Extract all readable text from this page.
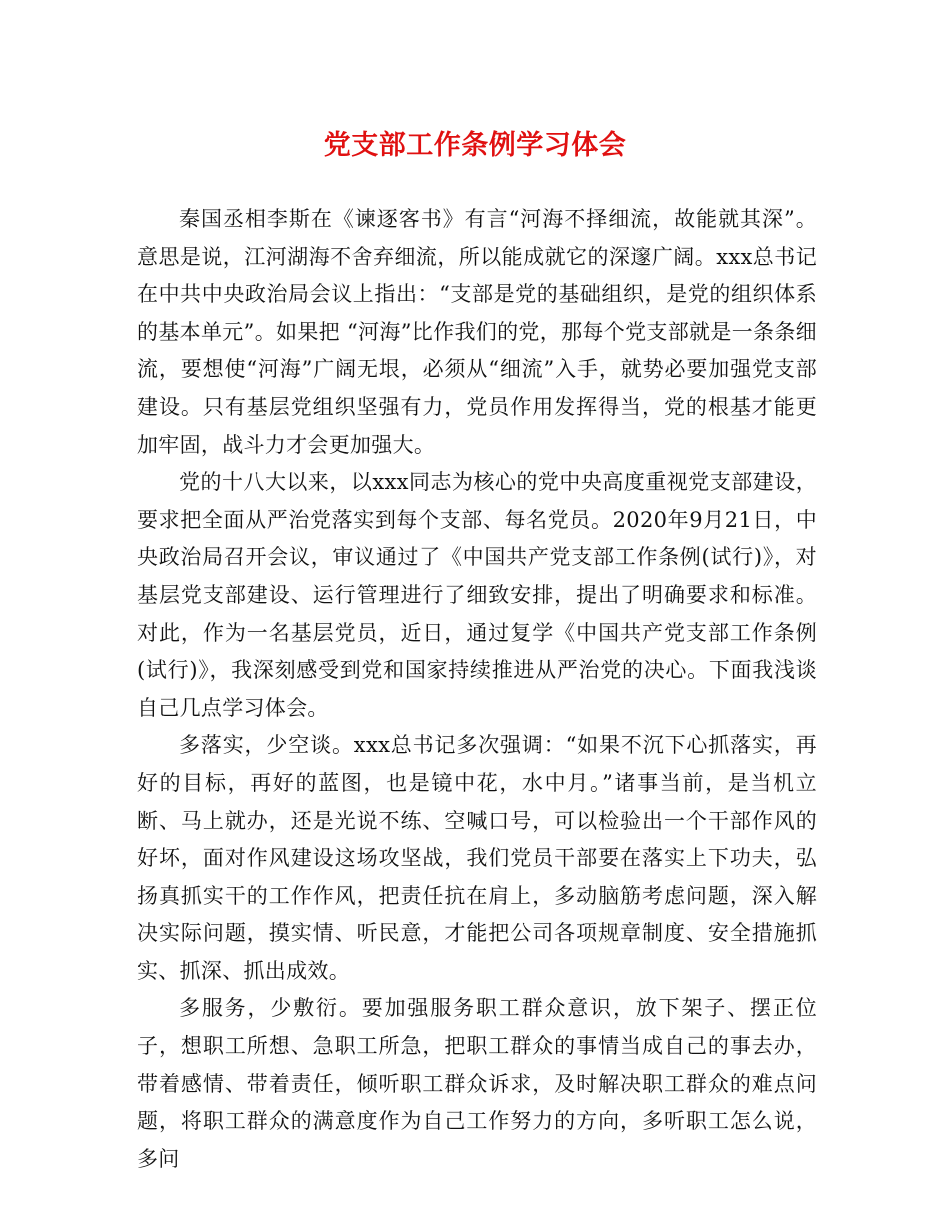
党支部工作条例学习体会

秦国丞相李斯在《谏逐客书》有言“河海不择细流，故能就其深”。意思是说，江河湖海不舍弃细流，所以能成就它的深邃广阔。xxx总书记在中共中央政治局会议上指出：“支部是党的基础组织，是党的组织体系的基本单元”。如果把 “河海”比作我们的党，那每个党支部就是一条条细流，要想使“河海”广阔无垠，必须从“细流”入手，就势必要加强党支部建设。只有基层党组织坚强有力，党员作用发挥得当，党的根基才能更加牢固，战斗力才会更加强大。

党的十八大以来，以xxx同志为核心的党中央高度重视党支部建设，要求把全面从严治党落实到每个支部、每名党员。2020年9月21日，中央政治局召开会议，审议通过了《中国共产党支部工作条例(试行)》，对基层党支部建设、运行管理进行了细致安排，提出了明确要求和标准。对此，作为一名基层党员，近日，通过复学《中国共产党支部工作条例(试行)》，我深刻感受到党和国家持续推进从严治党的决心。下面我浅谈自己几点学习体会。

多落实，少空谈。xxx总书记多次强调：“如果不沉下心抓落实，再好的目标，再好的蓝图，也是镜中花，水中月。”诸事当前，是当机立断、马上就办，还是光说不练、空喊口号，可以检验出一个干部作风的好坏，面对作风建设这场攻坚战，我们党员干部要在落实上下功夫，弘扬真抓实干的工作作风，把责任抗在肩上，多动脑筋考虑问题，深入解决实际问题，摸实情、听民意，才能把公司各项规章制度、安全措施抓实、抓深、抓出成效。

多服务，少敷衍。要加强服务职工群众意识，放下架子、摆正位子，想职工所想、急职工所急，把职工群众的事情当成自己的事去办，带着感情、带着责任，倾听职工群众诉求，及时解决职工群众的难点问题，将职工群众的满意度作为自己工作努力的方向，多听职工怎么说，多问
